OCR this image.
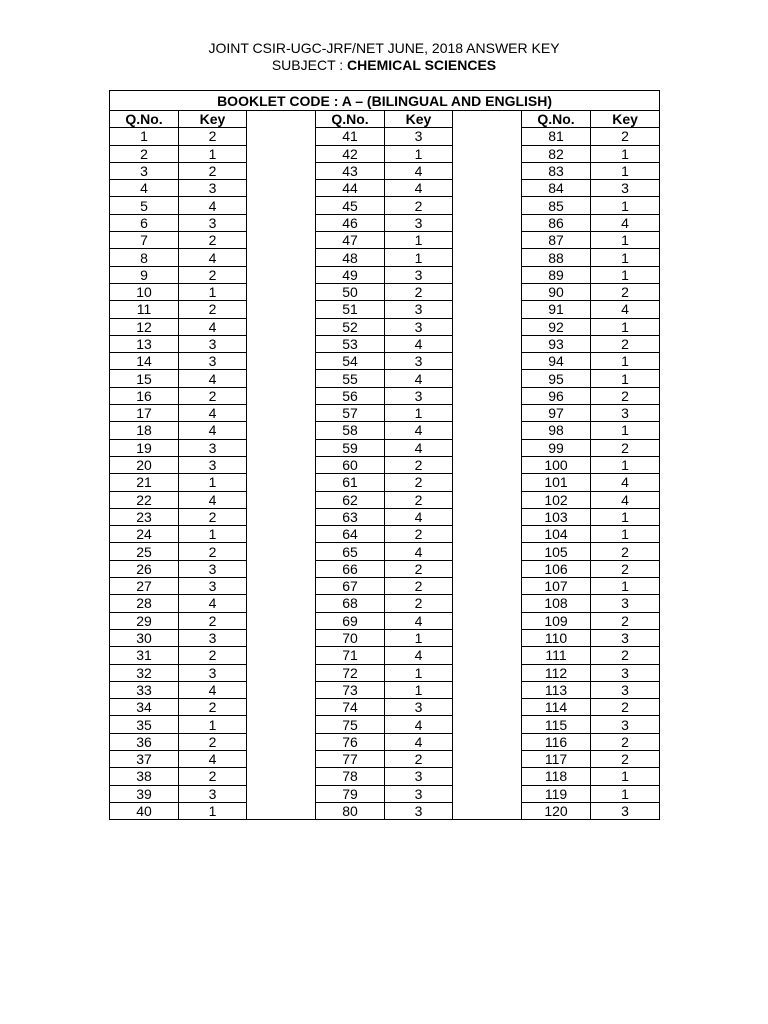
JOINT CSIR-UGC-JRF/NET JUNE, 2018 ANSWER KEY
SUBJECT : CHEMICAL SCIENCES
BOOKLET CODE : A – (BILINGUAL AND ENGLISH)							
Q.No.	Key		Q.No.	Key		Q.No.	Key
1	2		41	3		81	2
2	1		42	1		82	1
3	2		43	4		83	1
4	3		44	4		84	3
5	4		45	2		85	1
6	3		46	3		86	4
7	2		47	1		87	1
8	4		48	1		88	1
9	2		49	3		89	1
10	1		50	2		90	2
11	2		51	3		91	4
12	4		52	3		92	1
13	3		53	4		93	2
14	3		54	3		94	1
15	4		55	4		95	1
16	2		56	3		96	2
17	4		57	1		97	3
18	4		58	4		98	1
19	3		59	4		99	2
20	3		60	2		100	1
21	1		61	2		101	4
22	4		62	2		102	4
23	2		63	4		103	1
24	1		64	2		104	1
25	2		65	4		105	2
26	3		66	2		106	2
27	3		67	2		107	1
28	4		68	2		108	3
29	2		69	4		109	2
30	3		70	1		110	3
31	2		71	4		111	2
32	3		72	1		112	3
33	4		73	1		113	3
34	2		74	3		114	2
35	1		75	4		115	3
36	2		76	4		116	2
37	4		77	2		117	2
38	2		78	3		118	1
39	3		79	3		119	1
40	1		80	3		120	3
